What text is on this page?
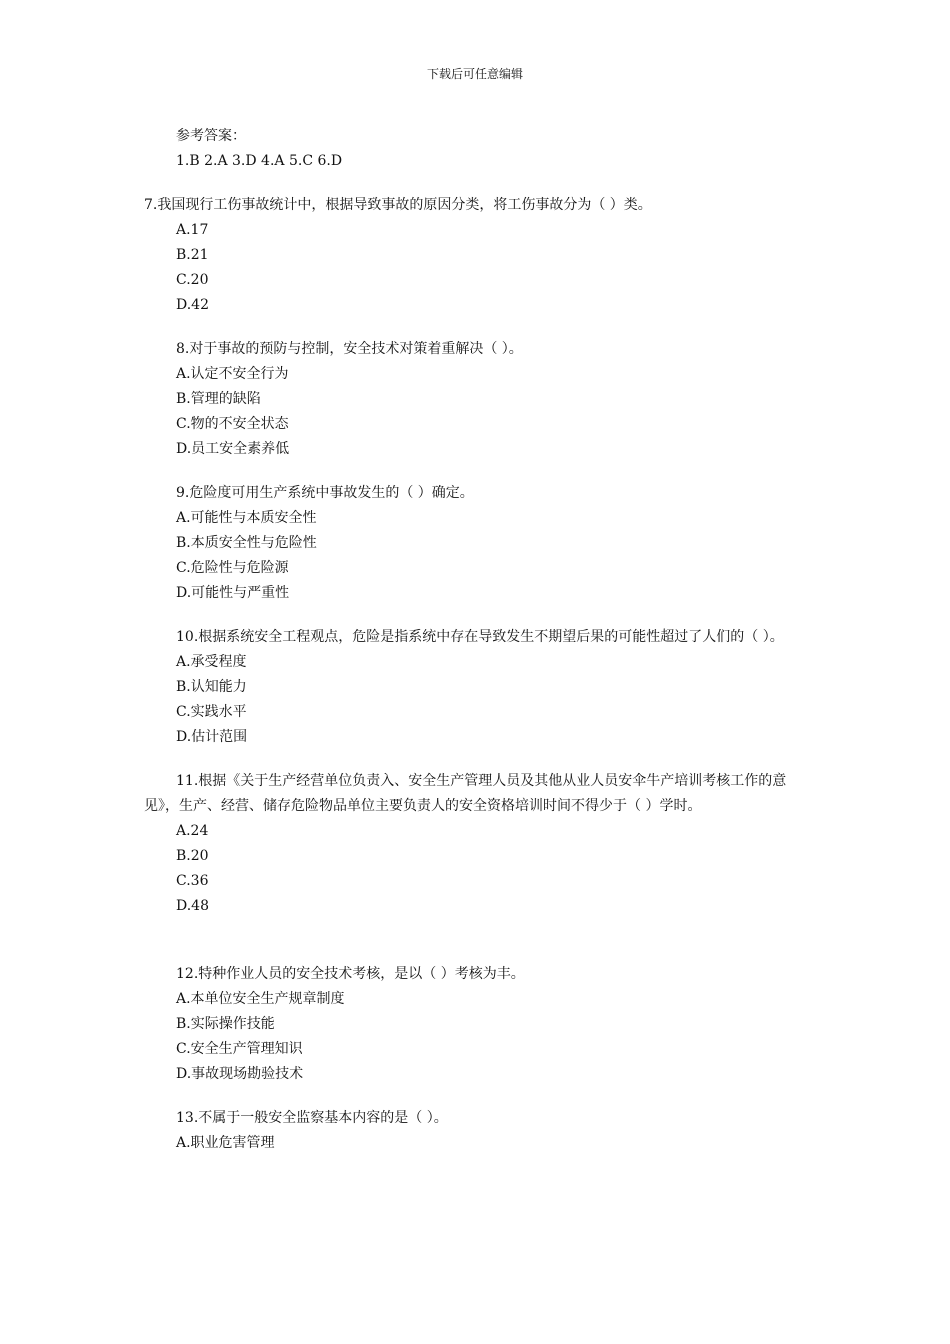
下载后可任意编辑
参考答案：
1.B 2.A 3.D 4.A 5.C 6.D
7.我国现行工伤事故统计中，根据导致事故的原因分类，将工伤事故分为（ ）类。
A.17
B.21
C.20
D.42
8.对于事故的预防与控制，安全技术对策着重解决（ ）。
A.认定不安全行为
B.管理的缺陷
C.物的不安全状态
D.员工安全素养低
9.危险度可用生产系统中事故发生的（ ）确定。
A.可能性与本质安全性
B.本质安全性与危险性
C.危险性与危险源
D.可能性与严重性
10.根据系统安全工程观点，危险是指系统中存在导致发生不期望后果的可能性超过了人们的（ ）。
A.承受程度
B.认知能力
C.实践水平
D.估计范围
11.根据《关于生产经营单位负责入、安全生产管理人员及其他从业人员安伞牛产培训考核工作的意见》，生产、经营、储存危险物品单位主要负责人的安全资格培训时间不得少于（ ）学时。
A.24
B.20
C.36
D.48
12.特种作业人员的安全技术考核，是以（ ）考核为丰。
A.本单位安全生产规章制度
B.实际操作技能
C.安全生产管理知识
D.事故现场勘验技术
13.不属于一般安全监察基本内容的是（ ）。
A.职业危害管理
